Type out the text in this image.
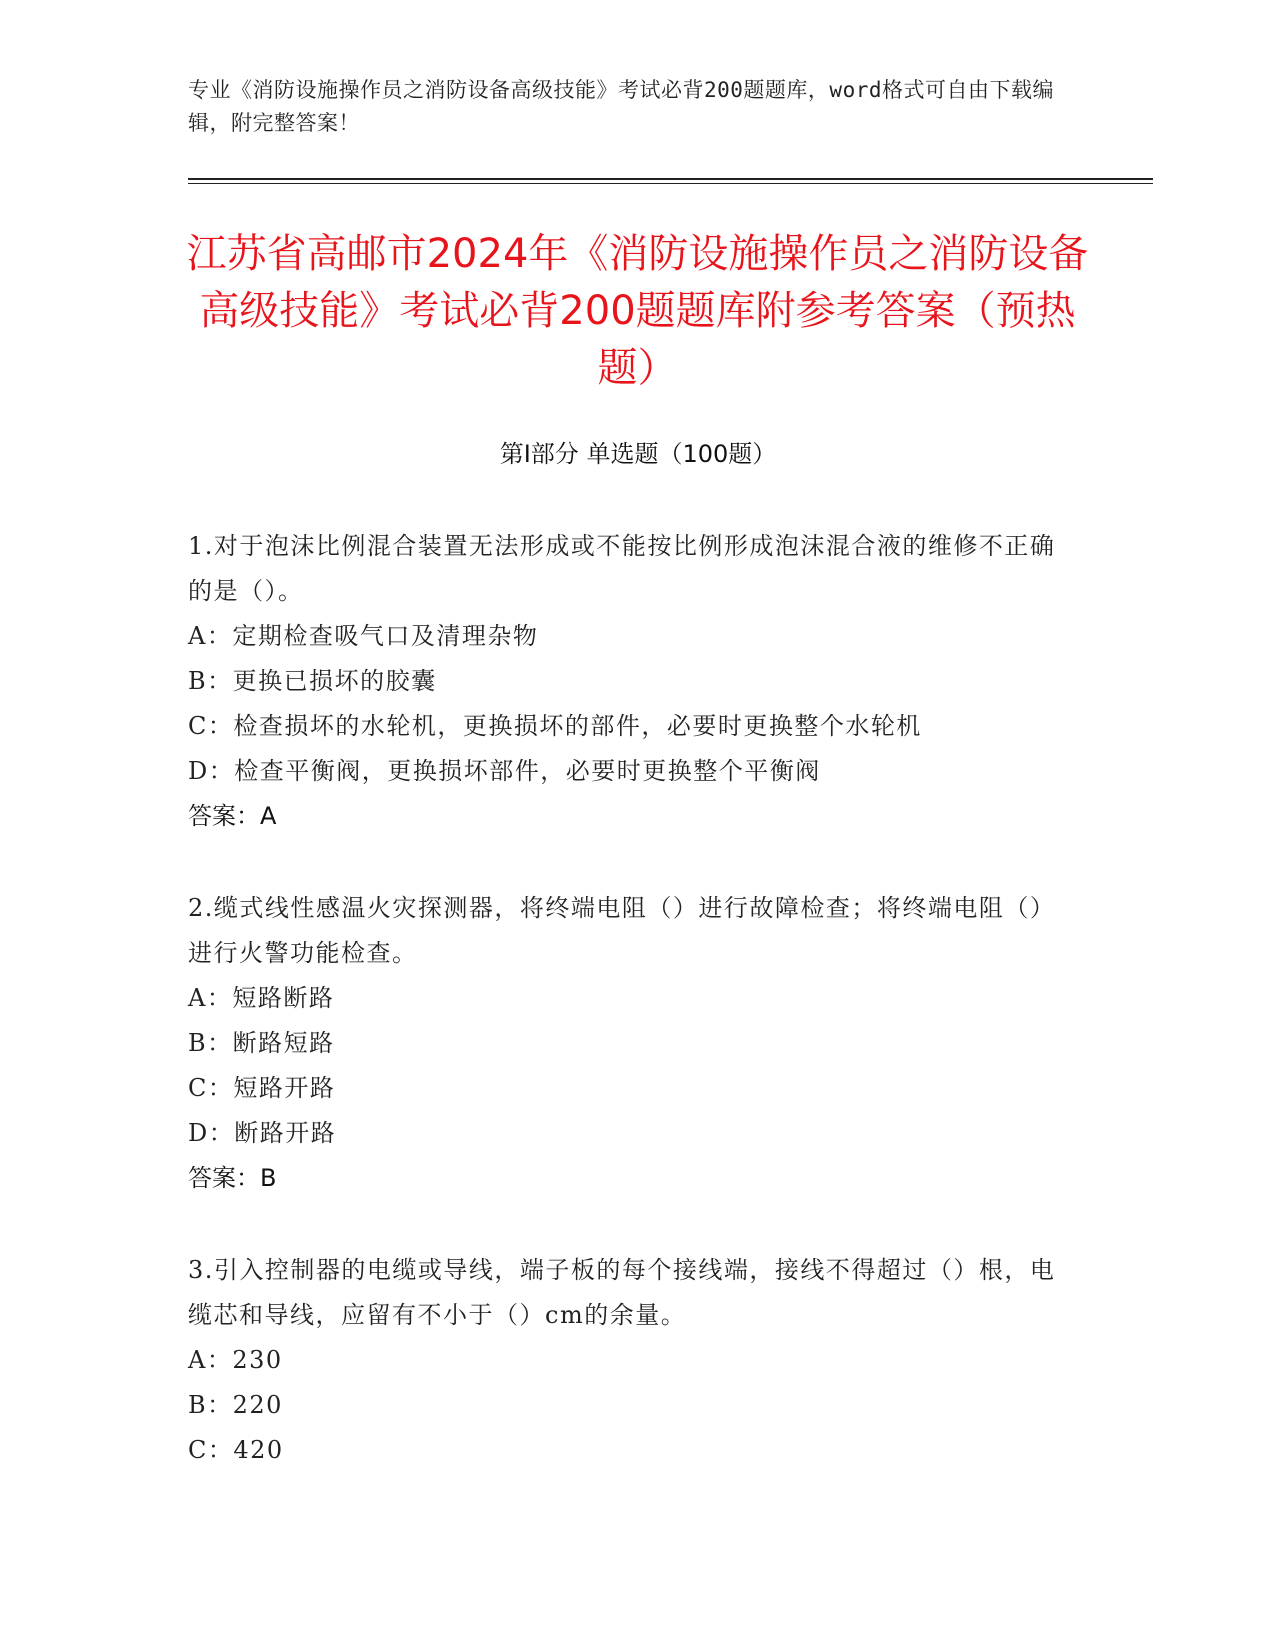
专业《消防设施操作员之消防设备高级技能》考试必背200题题库，word格式可自由下载编辑，附完整答案！
江苏省高邮市2024年《消防设施操作员之消防设备高级技能》考试必背200题题库附参考答案（预热题）
第I部分 单选题（100题）
1.对于泡沫比例混合装置无法形成或不能按比例形成泡沫混合液的维修不正确的是（）。
A：定期检查吸气口及清理杂物
B：更换已损坏的胶囊
C：检查损坏的水轮机，更换损坏的部件，必要时更换整个水轮机
D：检查平衡阀，更换损坏部件，必要时更换整个平衡阀
答案：A
2.缆式线性感温火灾探测器，将终端电阻（）进行故障检查；将终端电阻（）进行火警功能检查。
A：短路断路
B：断路短路
C：短路开路
D：断路开路
答案：B
3.引入控制器的电缆或导线，端子板的每个接线端，接线不得超过（）根，电缆芯和导线，应留有不小于（）cm的余量。
A：230
B：220
C：420
